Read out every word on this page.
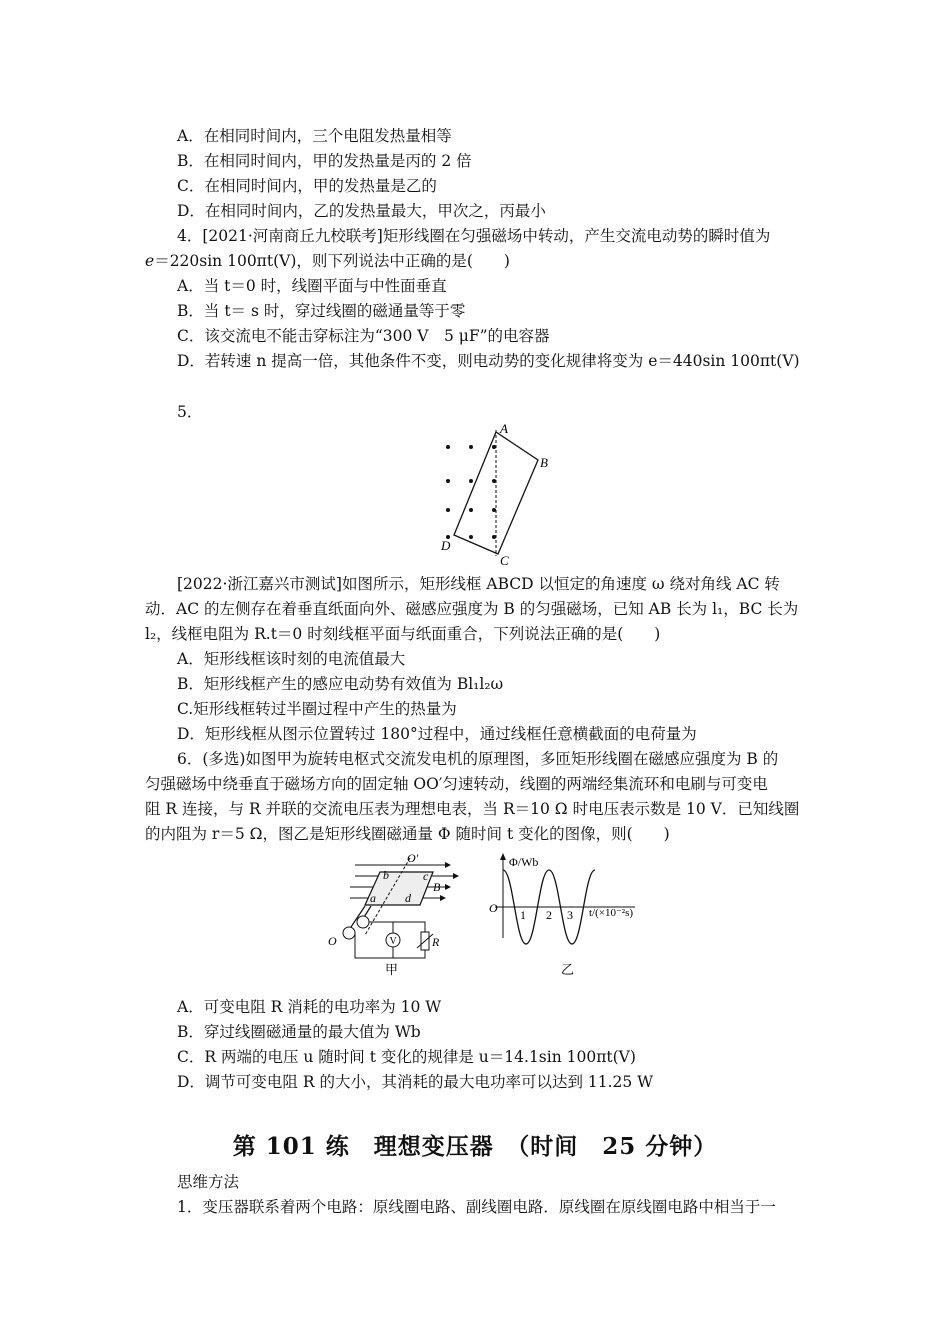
A．在相同时间内，三个电阻发热量相等
B．在相同时间内，甲的发热量是丙的 2 倍
C．在相同时间内，甲的发热量是乙的
D．在相同时间内，乙的发热量最大，甲次之，丙最小
4．[2021·河南商丘九校联考]矩形线圈在匀强磁场中转动，产生交流电动势的瞬时值为
e＝220sin 100πt(V)，则下列说法中正确的是(　　)
A．当 t＝0 时，线圈平面与中性面垂直
B．当 t＝ s 时，穿过线圈的磁通量等于零
C．该交流电不能击穿标注为“300 V　5 μF”的电容器
D．若转速 n 提高一倍，其他条件不变，则电动势的变化规律将变为 e＝440sin 100πt(V)
5．
A
B
C
D
[2022·浙江嘉兴市测试]如图所示，矩形线框 ABCD 以恒定的角速度 ω 绕对角线 AC 转
动．AC 的左侧存在着垂直纸面向外、磁感应强度为 B 的匀强磁场，已知 AB 长为 l₁，BC 长为
l₂，线框电阻为 R.t＝0 时刻线框平面与纸面重合，下列说法正确的是(　　)
A．矩形线框该时刻的电流值最大
B．矩形线框产生的感应电动势有效值为 Bl₁l₂ω
C.矩形线框转过半圈过程中产生的热量为
D．矩形线框从图示位置转过 180°过程中，通过线框任意横截面的电荷量为
6．(多选)如图甲为旋转电枢式交流发电机的原理图，多匝矩形线圈在磁感应强度为 B 的
匀强磁场中绕垂直于磁场方向的固定轴 OO′匀速转动，线圈的两端经集流环和电刷与可变电
阻 R 连接，与 R 并联的交流电压表为理想电表，当 R＝10 Ω 时电压表示数是 10 V．已知线圈
的内阻为 r＝5 Ω，图乙是矩形线圈磁通量 Φ 随时间 t 变化的图像，则(　　)
V
O′
b	c
B
a d
O	R
甲
Φ/Wb
O 1 2 3 t/(×10⁻²s)
乙
A．可变电阻 R 消耗的电功率为 10 W
B．穿过线圈磁通量的最大值为 Wb
C．R 两端的电压 u 随时间 t 变化的规律是 u＝14.1sin 100πt(V)
D．调节可变电阻 R 的大小，其消耗的最大电功率可以达到 11.25 W
第 101 练　理想变压器　（时间　25 分钟）
思维方法
1．变压器联系着两个电路：原线圈电路、副线圈电路．原线圈在原线圈电路中相当于一
